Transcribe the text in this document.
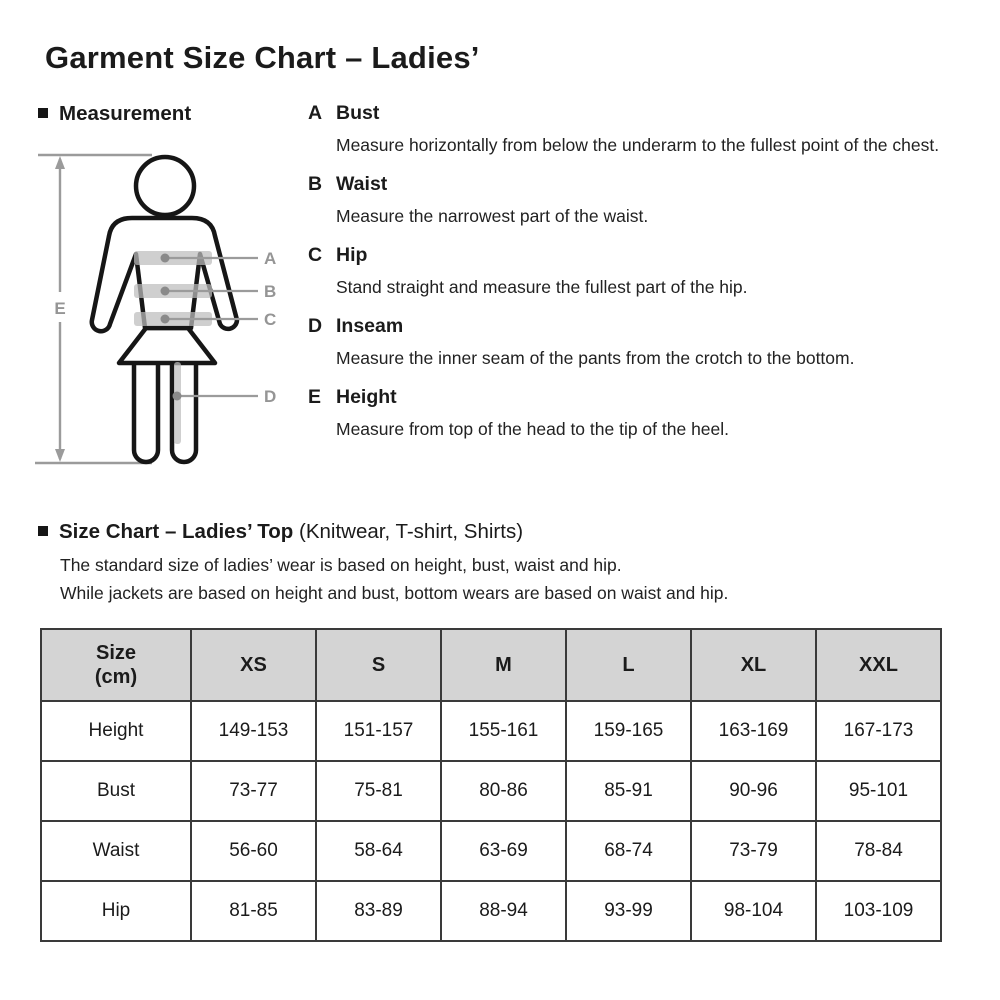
Garment Size Chart – Ladies’
Measurement
E
A
B
C
D
A Bust
Measure horizontally from below the underarm to the fullest point of the chest.
B Waist
Measure the narrowest part of the waist.
C Hip
Stand straight and measure the fullest part of the hip.
D Inseam
Measure the inner seam of the pants from the crotch to the bottom.
E Height
Measure from top of the head to the tip of the heel.
Size Chart – Ladies’ Top (Knitwear, T-shirt, Shirts)
The standard size of ladies’ wear is based on height, bust, waist and hip.
While jackets are based on height and bust, bottom wears are based on waist and hip.
Size
(cm)	XS	S	M	L	XL	XXL
Height	149-153	151-157	155-161	159-165	163-169	167-173
Bust	73-77	75-81	80-86	85-91	90-96	95-101
Waist	56-60	58-64	63-69	68-74	73-79	78-84
Hip	81-85	83-89	88-94	93-99	98-104	103-109
